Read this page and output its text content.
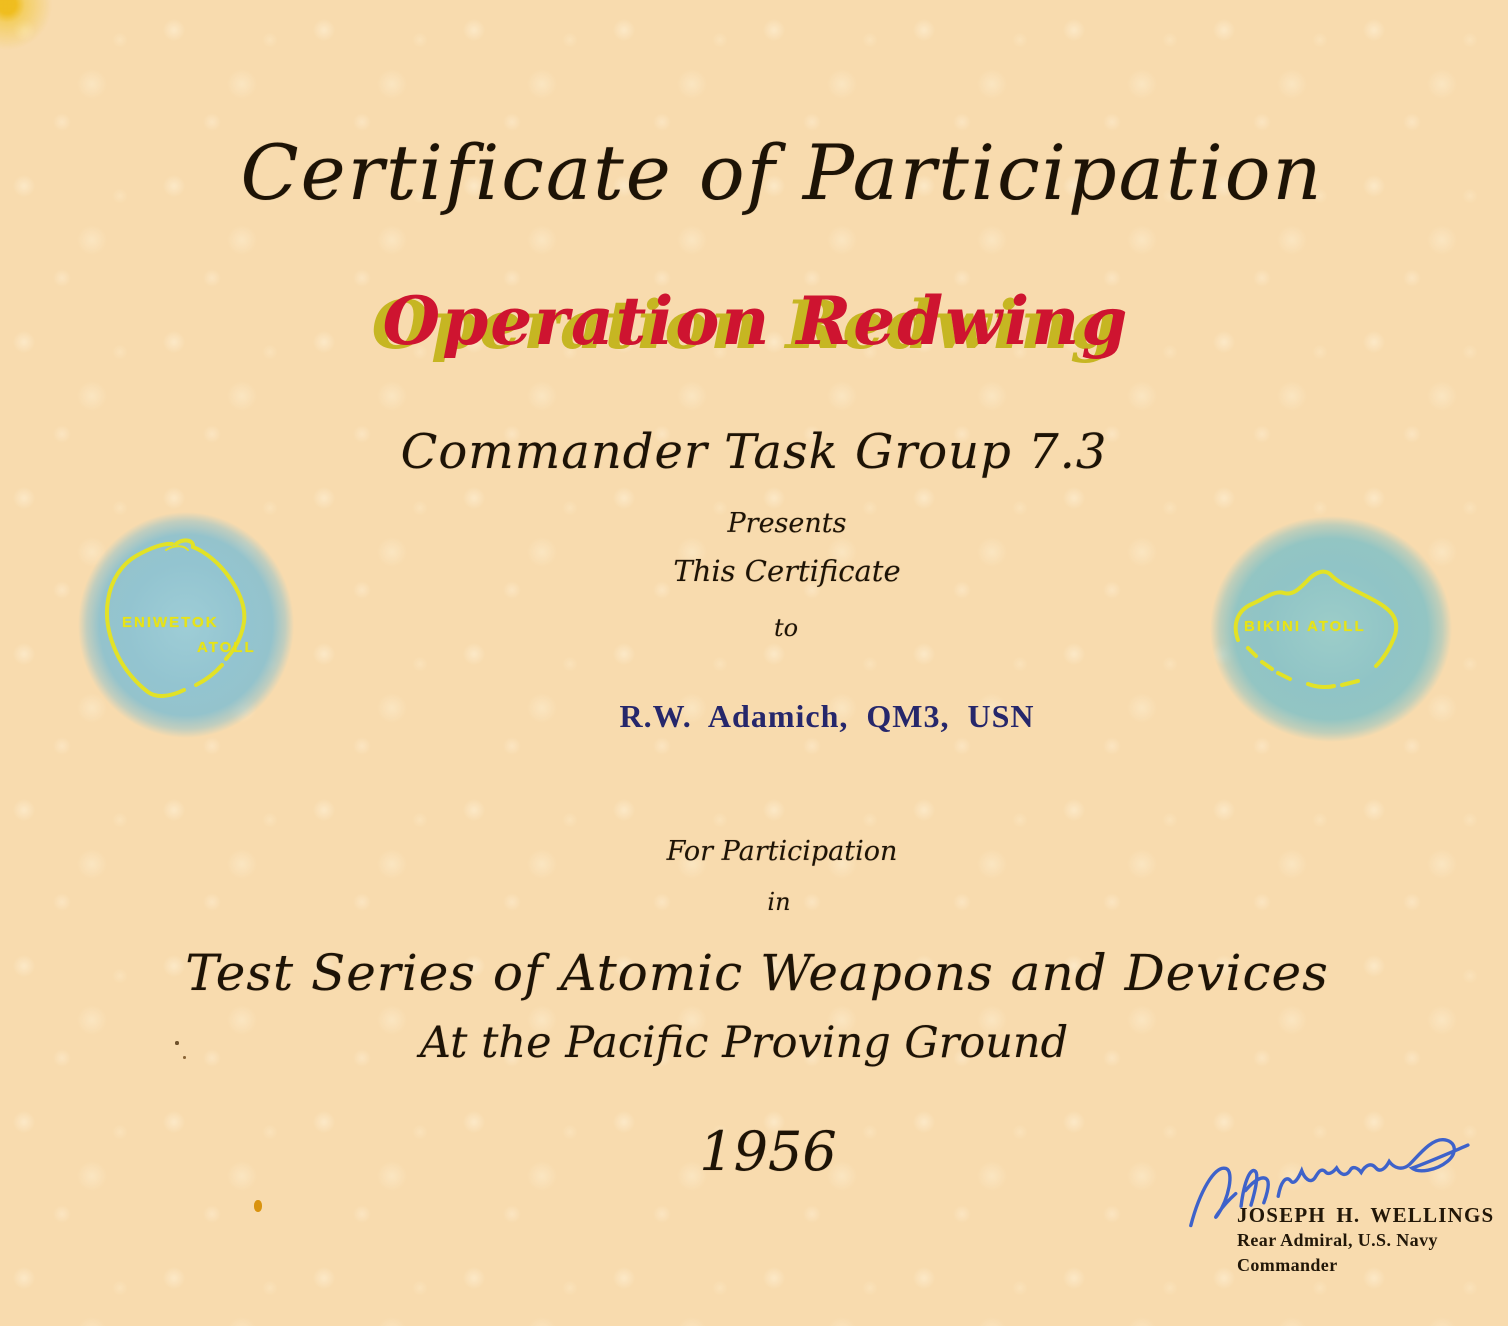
Certificate of Participation
Operation Redwing
Commander Task Group 7.3
Presents
This Certificate
to
R.W. Adamich, QM3, USN
For Participation
in
Test Series of Atomic Weapons and Devices
At the Pacific Proving Ground
1956
ENIWETOK
ATOLL
BIKINI ATOLL
JOSEPH H. WELLINGS
Rear Admiral, U.S. Navy
Commander
